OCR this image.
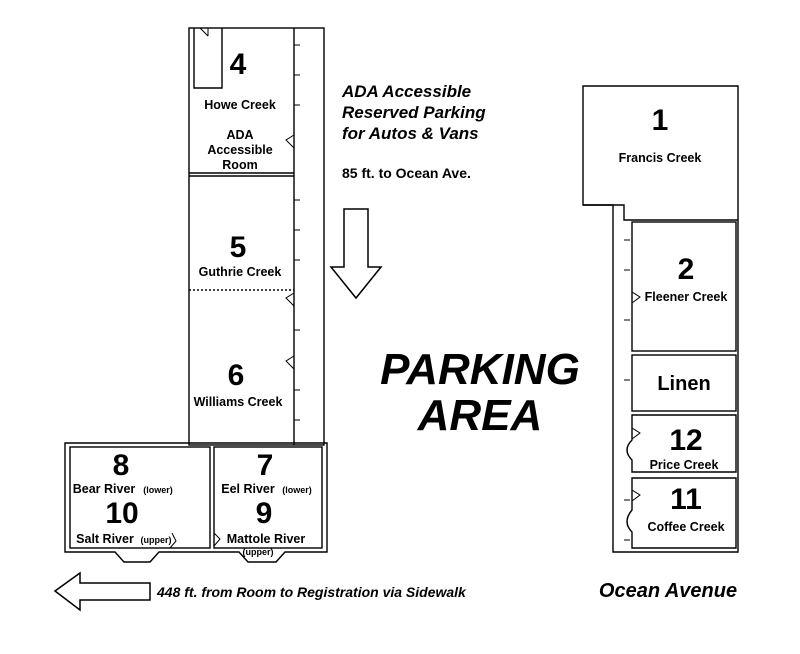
4
Howe Creek
ADA
Accessible
Room
5
Guthrie Creek
6
Williams Creek
8
Bear River (lower)
10
Salt River (upper)
7
Eel River (lower)
9
Mattole River
(upper)
1
Francis Creek
2
Fleener Creek
Linen
12
Price Creek
11
Coffee Creek
ADA Accessible
Reserved Parking
for Autos & Vans
85 ft. to Ocean Ave.
PARKING
AREA
448 ft. from Room to Registration via Sidewalk	Ocean Avenue
